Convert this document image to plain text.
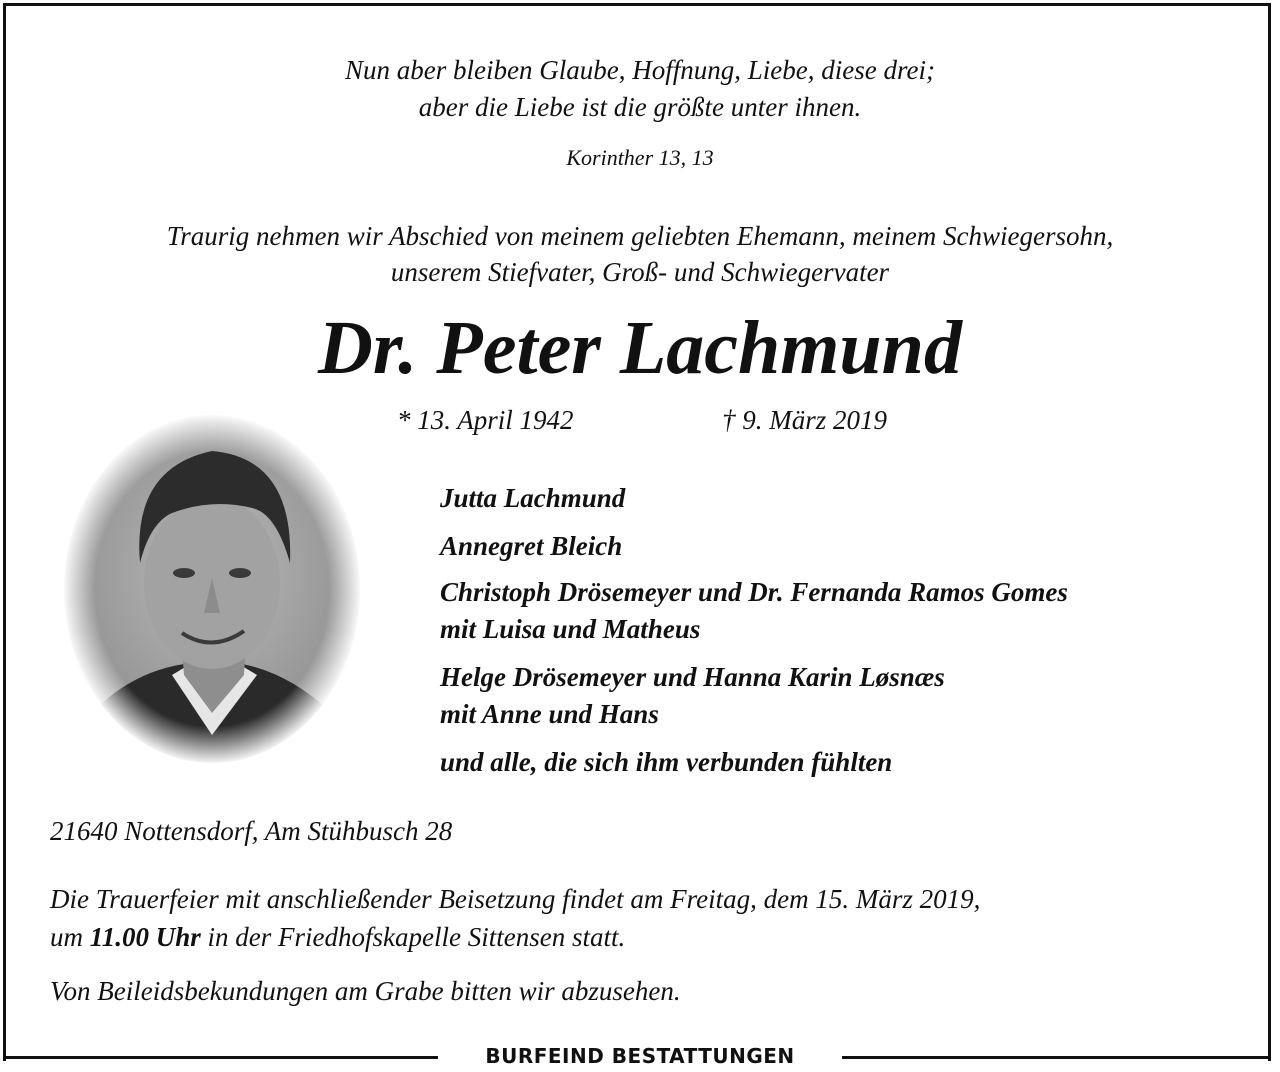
Nun aber bleiben Glaube, Hoffnung, Liebe, diese drei;
aber die Liebe ist die größte unter ihnen.
Korinther 13, 13
Traurig nehmen wir Abschied von meinem geliebten Ehemann, meinem Schwiegersohn,
unserem Stiefvater, Groß- und Schwiegervater
Dr. Peter Lachmund
* 13. April 1942	† 9. März 2019
Jutta Lachmund
Annegret Bleich
Christoph Drösemeyer und Dr. Fernanda Ramos Gomes
mit Luisa und Matheus
Helge Drösemeyer und Hanna Karin Løsnæs
mit Anne und Hans
und alle, die sich ihm verbunden fühlten
21640 Nottensdorf, Am Stühbusch 28
Die Trauerfeier mit anschließender Beisetzung findet am Freitag, dem 15. März 2019,
um 11.00 Uhr in der Friedhofskapelle Sittensen statt.
Von Beileidsbekundungen am Grabe bitten wir abzusehen.
BURFEIND BESTATTUNGEN
